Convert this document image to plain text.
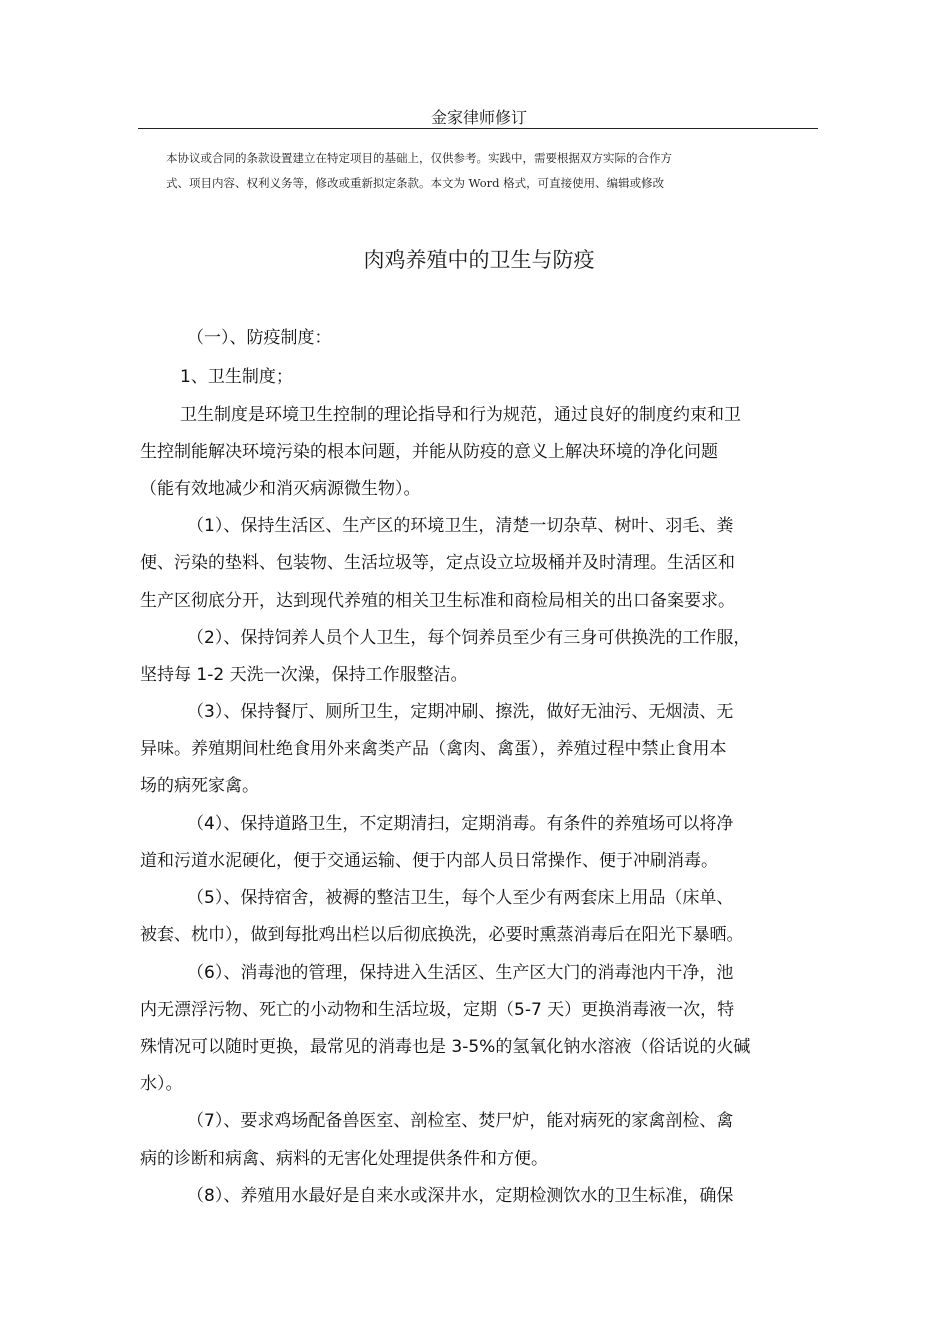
金家律师修订
本协议或合同的条款设置建立在特定项目的基础上，仅供参考。实践中，需要根据双方实际的合作方
式、项目内容、权利义务等，修改或重新拟定条款。本文为 Word 格式，可直接使用、编辑或修改
肉鸡养殖中的卫生与防疫
（一）、防疫制度：
1、卫生制度；
卫生制度是环境卫生控制的理论指导和行为规范，通过良好的制度约束和卫
生控制能解决环境污染的根本问题，并能从防疫的意义上解决环境的净化问题
（能有效地减少和消灭病源微生物）。
（1）、保持生活区、生产区的环境卫生，清楚一切杂草、树叶、羽毛、粪
便、污染的垫料、包装物、生活垃圾等，定点设立垃圾桶并及时清理。生活区和
生产区彻底分开，达到现代养殖的相关卫生标准和商检局相关的出口备案要求。
（2）、保持饲养人员个人卫生，每个饲养员至少有三身可供换洗的工作服，
坚持每 1-2 天洗一次澡，保持工作服整洁。
（3）、保持餐厅、厕所卫生，定期冲刷、擦洗，做好无油污、无烟渍、无
异味。养殖期间杜绝食用外来禽类产品（禽肉、禽蛋），养殖过程中禁止食用本
场的病死家禽。
（4）、保持道路卫生，不定期清扫，定期消毒。有条件的养殖场可以将净
道和污道水泥硬化，便于交通运输、便于内部人员日常操作、便于冲刷消毒。
（5）、保持宿舍，被褥的整洁卫生，每个人至少有两套床上用品（床单、
被套、枕巾），做到每批鸡出栏以后彻底换洗，必要时熏蒸消毒后在阳光下暴晒。
（6）、消毒池的管理，保持进入生活区、生产区大门的消毒池内干净，池
内无漂浮污物、死亡的小动物和生活垃圾，定期（5-7 天）更换消毒液一次，特
殊情况可以随时更换，最常见的消毒也是 3-5%的氢氧化钠水溶液（俗话说的火碱
水）。
（7）、要求鸡场配备兽医室、剖检室、焚尸炉，能对病死的家禽剖检、禽
病的诊断和病禽、病料的无害化处理提供条件和方便。
（8）、养殖用水最好是自来水或深井水，定期检测饮水的卫生标准，确保
